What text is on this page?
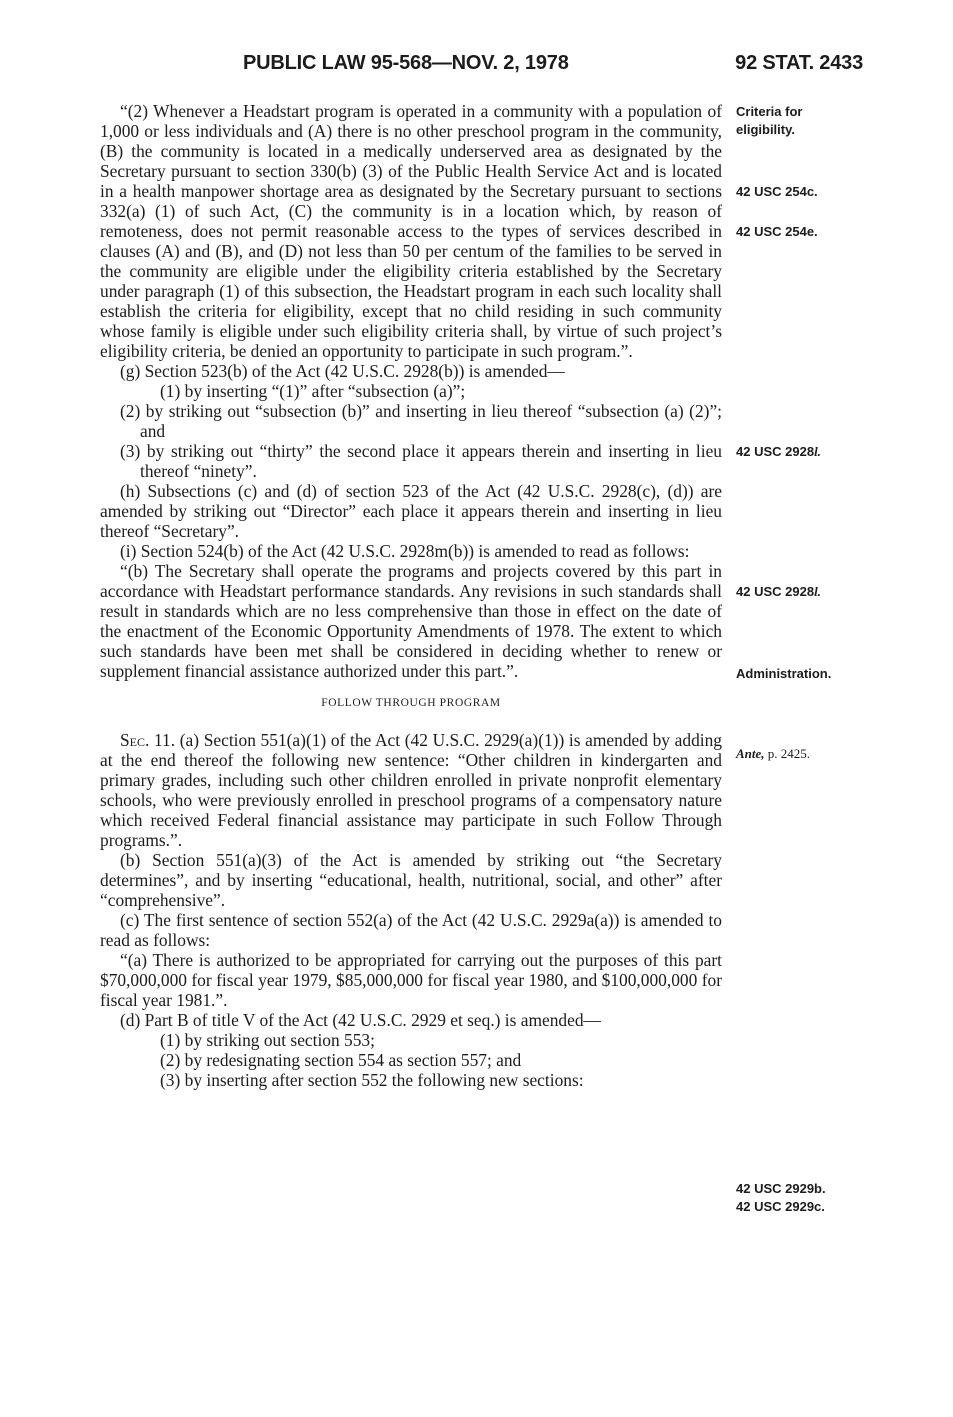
PUBLIC LAW 95-568—NOV. 2, 1978	92 STAT. 2433

“(2) Whenever a Headstart program is operated in a community with a population of 1,000 or less individuals and (A) there is no other preschool program in the community, (B) the community is located in a medically underserved area as designated by the Secretary pursuant to section 330(b) (3) of the Public Health Service Act and is located in a health manpower shortage area as designated by the Secretary pursuant to sections 332(a) (1) of such Act, (C) the community is in a location which, by reason of remoteness, does not permit reasonable access to the types of services described in clauses (A) and (B), and (D) not less than 50 per centum of the families to be served in the community are eligible under the eligibility criteria established by the Secretary under paragraph (1) of this subsection, the Headstart program in each such locality shall establish the criteria for eligibility, except that no child residing in such community whose family is eligible under such eligibility criteria shall, by virtue of such project’s eligibility criteria, be denied an opportunity to participate in such program.”.

(g) Section 523(b) of the Act (42 U.S.C. 2928(b)) is amended—

(1) by inserting “(1)” after “subsection (a)”;

(2) by striking out “subsection (b)” and inserting in lieu thereof “subsection (a) (2)”; and

(3) by striking out “thirty” the second place it appears therein and inserting in lieu thereof “ninety”.

(h) Subsections (c) and (d) of section 523 of the Act (42 U.S.C. 2928(c), (d)) are amended by striking out “Director” each place it appears therein and inserting in lieu thereof “Secretary”.

(i) Section 524(b) of the Act (42 U.S.C. 2928m(b)) is amended to read as follows:

“(b) The Secretary shall operate the programs and projects covered by this part in accordance with Headstart performance standards. Any revisions in such standards shall result in standards which are no less comprehensive than those in effect on the date of the enactment of the Economic Opportunity Amendments of 1978. The extent to which such standards have been met shall be considered in deciding whether to renew or supplement financial assistance authorized under this part.”.

FOLLOW THROUGH PROGRAM

Sec. 11. (a) Section 551(a)(1) of the Act (42 U.S.C. 2929(a)(1)) is amended by adding at the end thereof the following new sentence: “Other children in kindergarten and primary grades, including such other children enrolled in private nonprofit elementary schools, who were previously enrolled in preschool programs of a compensatory nature which received Federal financial assistance may participate in such Follow Through programs.”.

(b) Section 551(a)(3) of the Act is amended by striking out “the Secretary determines”, and by inserting “educational, health, nutritional, social, and other” after “comprehensive”.

(c) The first sentence of section 552(a) of the Act (42 U.S.C. 2929a(a)) is amended to read as follows:

“(a) There is authorized to be appropriated for carrying out the purposes of this part $70,000,000 for fiscal year 1979, $85,000,000 for fiscal year 1980, and $100,000,000 for fiscal year 1981.”.

(d) Part B of title V of the Act (42 U.S.C. 2929 et seq.) is amended—

(1) by striking out section 553;

(2) by redesignating section 554 as section 557; and

(3) by inserting after section 552 the following new sections:

Criteria for
eligibility.
42 USC 254c.
42 USC 254e.
42 USC 2928l.
42 USC 2928l.
Administration.
Ante, p. 2425.
42 USC 2929b.
42 USC 2929c.
